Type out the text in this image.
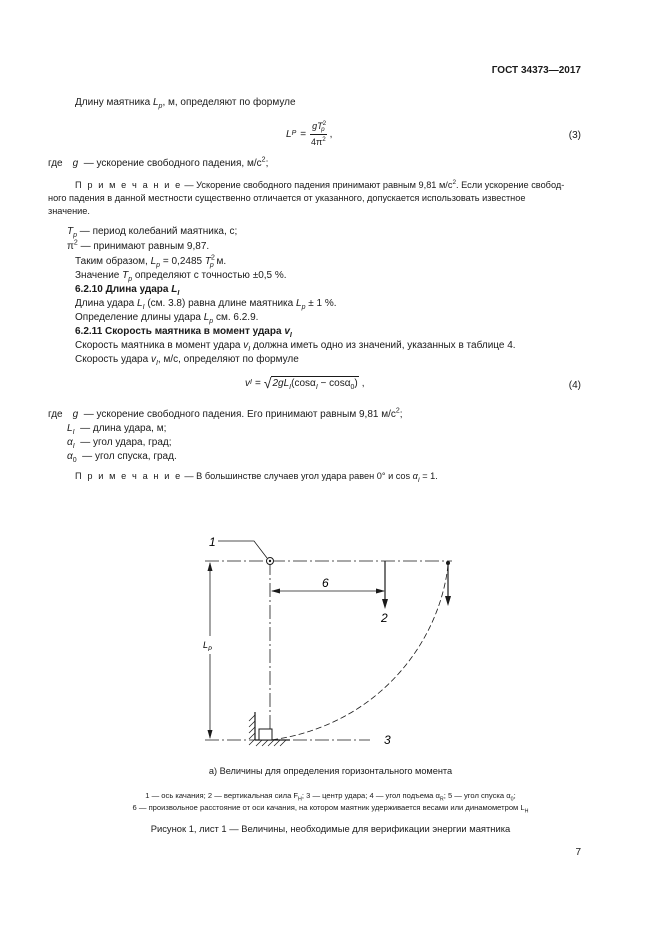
ГОСТ 34373—2017
Длину маятника $L_p$, м, определяют по формуле
L $P = \frac{gT^2_p}{4\pi^2}$ ,	(3)
где g — ускорение свободного падения, $м/с^2$;
П р и м е ч а н и е — Ускорение свободного падения принимают равным 9,81 $м/с^2$. Если ускорение свобод-
ного падения в данной местности существенно отличается от указанного, допускается использовать известное
значение.
$T_p$ — период колебаний маятника, с;
$\pi^2$ — принимают равным 9,87.
Таким образом, $L_p = 0,2485$ $T^2_p$ м.
Значение $T_p$ определяют с точностью ±0,5 %.
6.2.10 Длина удара $L_I$
Длина удара $L_I$ (см. 3.8) равна длине маятника $L_p \pm 1$ %.
Определение длины удара $L_p$ см. 6.2.9.
6.2.11 Скорость маятника в момент удара $v_I$
Скорость маятника в момент удара $v_I$ должна иметь одно из значений, указанных в таблице 4.
Скорость удара $v_I$, м/с, определяют по формуле
v I = √ $2gL_I(\cos\alpha_I - \cos\alpha_0)$ ,	(4)
где g — ускорение свободного падения. Его принимают равным 9,81 $м/с^2$;
$L_I$ — длина удара, м;
$\alpha_I$ — угол удара, град;
$\alpha_0$ — угол спуска, град.
П р и м е ч а н и е — В большинстве случаев угол удара равен 0° и $\cos \alpha_I = 1$.
1
$L_P$
6
2
3
а) Величины для определения горизонтального момента
1 — ось качания; 2 — вертикальная сила $F_H$; 3 — центр удара; 4 — угол подъема $\alpha_R$; 5 — угол спуска $\alpha_0$;
6 — произвольное расстояние от оси качания, на котором маятник удерживается весами или динамометром $L_H$
Рисунок 1, лист 1 — Величины, необходимые для верификации энергии маятника
7
